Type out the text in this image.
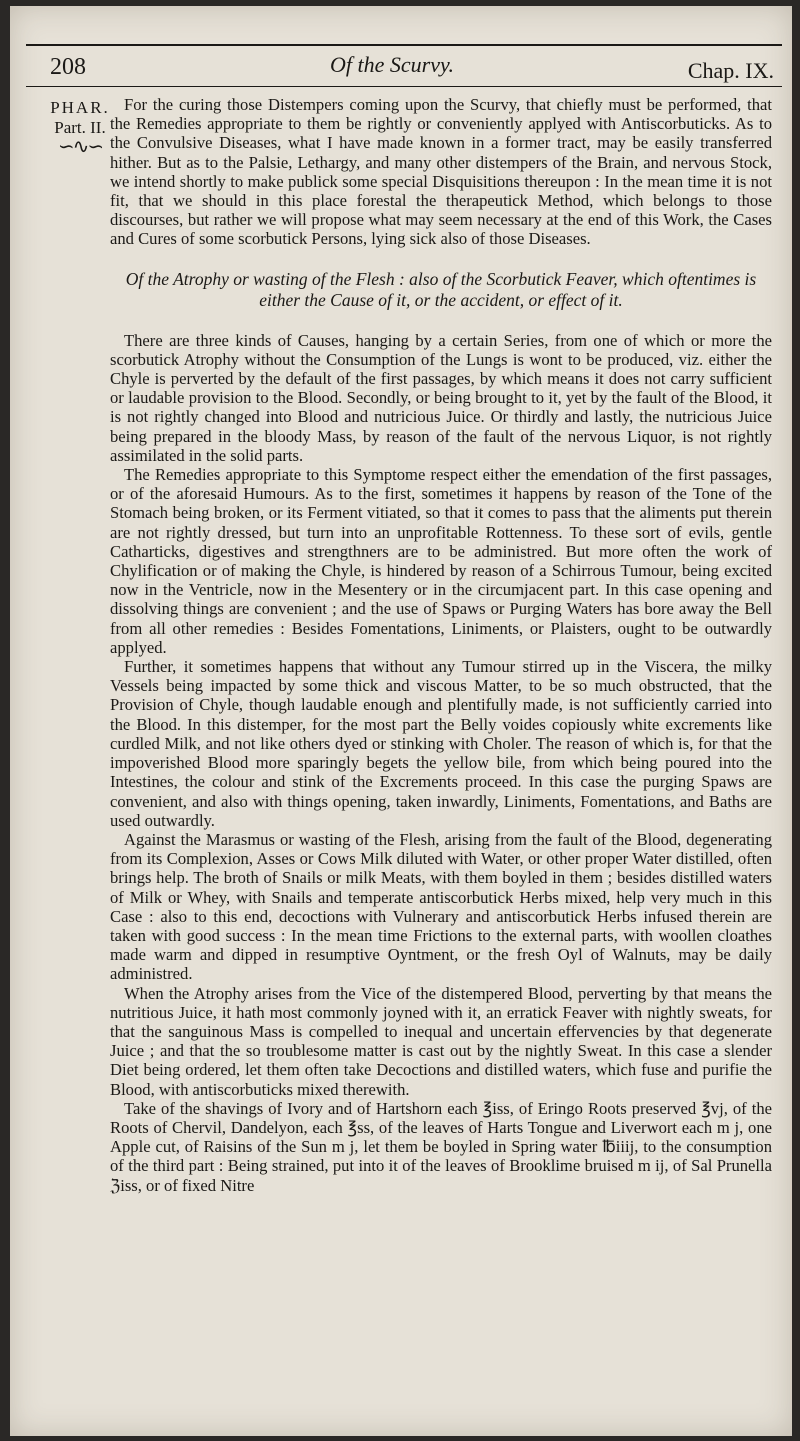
208	Of the Scurvy.	Chap. IX.
PHAR.
Part. II.
∽∿∽

For the curing those Distempers coming upon the Scurvy, that chiefly must be performed, that the Remedies appropriate to them be rightly or conveniently applyed with Antiscorbuticks. As to the Convulsive Diseases, what I have made known in a former tract, may be easily transferred hither. But as to the Palsie, Lethargy, and many other distempers of the Brain, and nervous Stock, we intend shortly to make publick some special Disquisitions thereupon : In the mean time it is not fit, that we should in this place forestal the therapeutick Method, which belongs to those discourses, but rather we will propose what may seem necessary at the end of this Work, the Cases and Cures of some scorbutick Persons, lying sick also of those Diseases.

Of the Atrophy or wasting of the Flesh : also of the Scorbutick Feaver, which oftentimes is either the Cause of it, or the accident, or effect of it.

There are three kinds of Causes, hanging by a certain Series, from one of which or more the scorbutick Atrophy without the Consumption of the Lungs is wont to be produced, viz. either the Chyle is perverted by the default of the first passages, by which means it does not carry sufficient or laudable provision to the Blood. Secondly, or being brought to it, yet by the fault of the Blood, it is not rightly changed into Blood and nutricious Juice. Or thirdly and lastly, the nutricious Juice being prepared in the bloody Mass, by reason of the fault of the nervous Liquor, is not rightly assimilated in the solid parts.

The Remedies appropriate to this Symptome respect either the emendation of the first passages, or of the aforesaid Humours. As to the first, sometimes it happens by reason of the Tone of the Stomach being broken, or its Ferment vitiated, so that it comes to pass that the aliments put therein are not rightly dressed, but turn into an unprofitable Rottenness. To these sort of evils, gentle Catharticks, digestives and strengthners are to be administred. But more often the work of Chylification or of making the Chyle, is hindered by reason of a Schirrous Tumour, being excited now in the Ventricle, now in the Mesentery or in the circumjacent part. In this case opening and dissolving things are convenient ; and the use of Spaws or Purging Waters has bore away the Bell from all other remedies : Besides Fomentations, Liniments, or Plaisters, ought to be outwardly applyed.

Further, it sometimes happens that without any Tumour stirred up in the Viscera, the milky Vessels being impacted by some thick and viscous Matter, to be so much obstructed, that the Provision of Chyle, though laudable enough and plentifully made, is not sufficiently carried into the Blood. In this distemper, for the most part the Belly voides copiously white excrements like curdled Milk, and not like others dyed or stinking with Choler. The reason of which is, for that the impoverished Blood more sparingly begets the yellow bile, from which being poured into the Intestines, the colour and stink of the Excrements proceed. In this case the purging Spaws are convenient, and also with things opening, taken inwardly, Liniments, Fomentations, and Baths are used outwardly.

Against the Marasmus or wasting of the Flesh, arising from the fault of the Blood, degenerating from its Complexion, Asses or Cows Milk diluted with Water, or other proper Water distilled, often brings help. The broth of Snails or milk Meats, with them boyled in them ; besides distilled waters of Milk or Whey, with Snails and temperate antiscorbutick Herbs mixed, help very much in this Case : also to this end, decoctions with Vulnerary and antiscorbutick Herbs infused therein are taken with good success : In the mean time Frictions to the external parts, with woollen cloathes made warm and dipped in resumptive Oyntment, or the fresh Oyl of Walnuts, may be daily administred.

When the Atrophy arises from the Vice of the distempered Blood, perverting by that means the nutritious Juice, it hath most commonly joyned with it, an erratick Feaver with nightly sweats, for that the sanguinous Mass is compelled to inequal and uncertain effervencies by that degenerate Juice ; and that the so troublesome matter is cast out by the nightly Sweat. In this case a slender Diet being ordered, let them often take Decoctions and distilled waters, which fuse and purifie the Blood, with antiscorbuticks mixed therewith.

Take of the shavings of Ivory and of Hartshorn each ℥iss, of Eringo Roots preserved ℥vj, of the Roots of Chervil, Dandelyon, each ℥ss, of the leaves of Harts Tongue and Liverwort each m j, one Apple cut, of Raisins of the Sun m j, let them be boyled in Spring water ℔iiij, to the consumption of the third part : Being strained, put into it of the leaves of Brooklime bruised m ij, of Sal Prunella ℨiss, or of fixed Nitre
